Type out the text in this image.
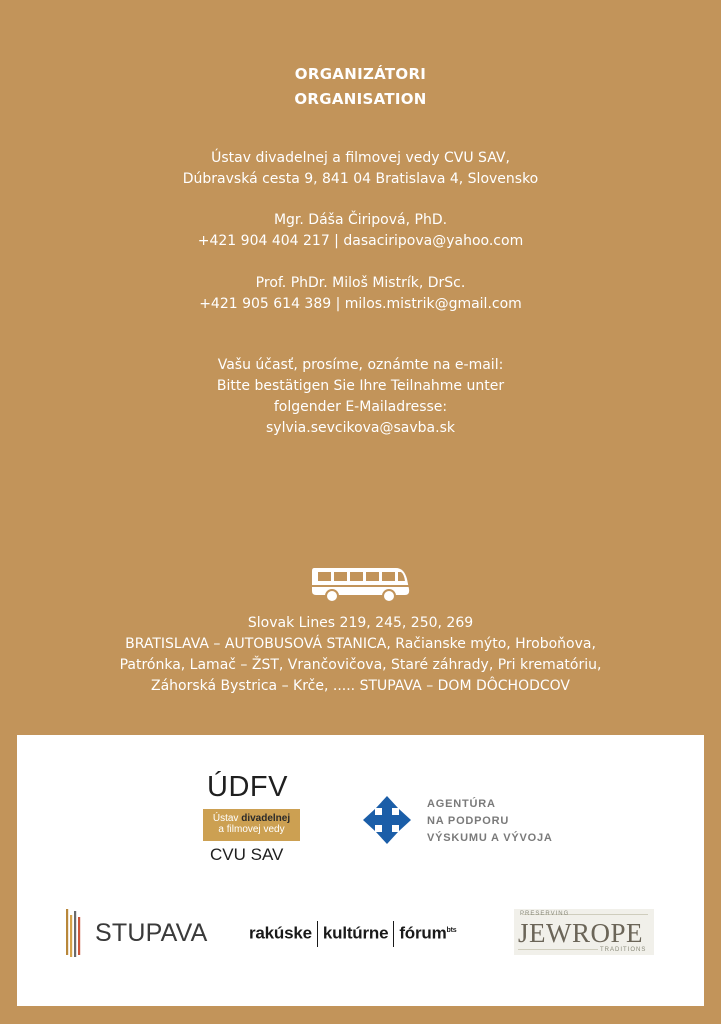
ORGANIZÁTORI
ORGANISATION
Ústav divadelnej a filmovej vedy CVU SAV,
Dúbravská cesta 9, 841 04 Bratislava 4, Slovensko
Mgr. Dáša Čiripová, PhD.
+421 904 404 217 | dasaciripova@yahoo.com
Prof. PhDr. Miloš Mistrík, DrSc.
+421 905 614 389 | milos.mistrik@gmail.com
Vašu účasť, prosíme, oznámte na e-mail:
Bitte bestätigen Sie Ihre Teilnahme unter
folgender E-Mailadresse:
sylvia.sevcikova@savba.sk
Slovak Lines 219, 245, 250, 269
BRATISLAVA – AUTOBUSOVÁ STANICA, Račianske mýto, Hroboňova,
Patrónka, Lamač – ŽST, Vrančovičova, Staré záhrady, Pri krematóriu,
Záhorská Bystrica – Krče, ..... STUPAVA – DOM DÔCHODCOV
ÚDFV
Ústav divadelnej
a filmovej vedy
CVU SAV
AGENTÚRA
NA PODPORU
VÝSKUMU A VÝVOJA
STUPAVA rakúske kultúrne fórum$^{bts}$
PRESERVING
JEWROPE
TRADITIONS
